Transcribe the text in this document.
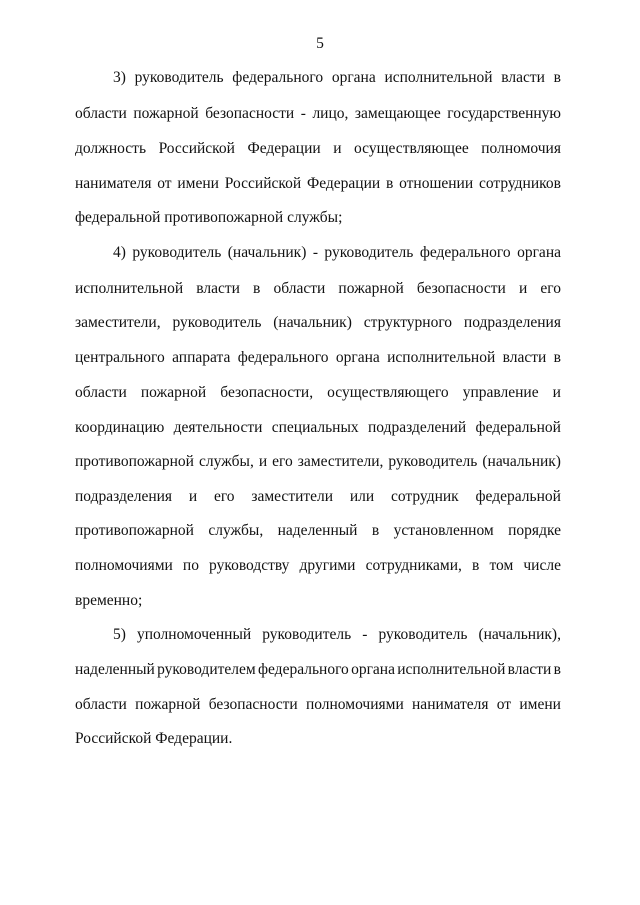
5
3) руководитель федерального органа исполнительной власти в
области пожарной безопасности - лицо, замещающее государственную
должность Российской Федерации и осуществляющее полномочия
нанимателя от имени Российской Федерации в отношении сотрудников
федеральной противопожарной службы;
4) руководитель (начальник) - руководитель федерального органа
исполнительной власти в области пожарной безопасности и его
заместители, руководитель (начальник) структурного подразделения
центрального аппарата федерального органа исполнительной власти в
области пожарной безопасности, осуществляющего управление и
координацию деятельности специальных подразделений федеральной
противопожарной службы, и его заместители, руководитель (начальник)
подразделения и его заместители или сотрудник федеральной
противопожарной службы, наделенный в установленном порядке
полномочиями по руководству другими сотрудниками, в том числе
временно;
5) уполномоченный руководитель - руководитель (начальник),
наделенный руководителем федерального органа исполнительной власти в
области пожарной безопасности полномочиями нанимателя от имени
Российской Федерации.
